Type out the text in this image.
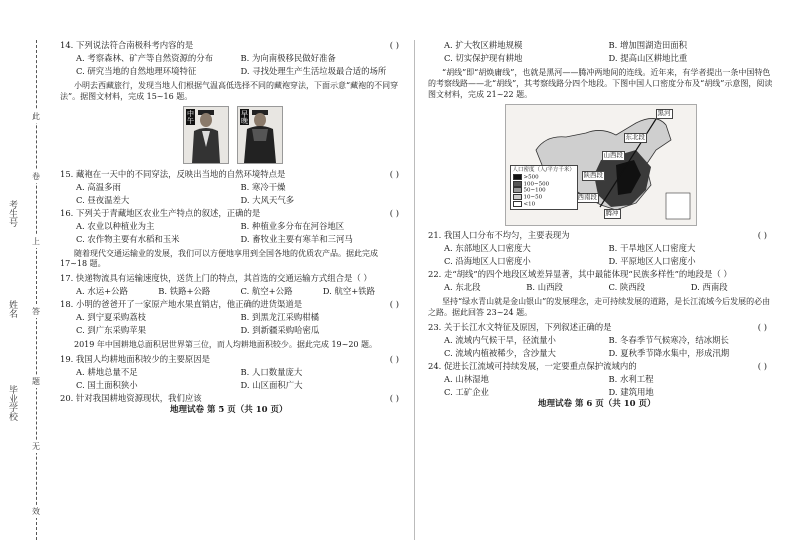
考生号
姓名
毕业学校
此
卷
上
答
题
无
效
14. 下列说法符合南极科考内容的是	( )
A. 考察森林、矿产等自然资源的分布	B. 为向南极移民做好准备
C. 研究当地的自然地理环境特征	D. 寻找处理生产生活垃圾最合适的场所
小明去西藏旅行，发现当地人们根据气温高低选择不同的藏袍穿法，下面示意“藏袍的不同穿法”。据图文材料，完成 15~16 题。
中午	早晚
15. 藏袍在一天中的不同穿法，反映出当地的自然环境特点是	( )
A. 高温多雨	B. 寒冷干燥
C. 昼夜温差大	D. 大风天气多
16. 下列关于青藏地区农业生产特点的叙述，正确的是	( )
A. 农业以种植业为主	B. 种植业多分布在河谷地区
C. 农作物主要有水稻和玉米	D. 畜牧业主要有寒羊和三河马
随着现代交通运输业的发展，我们可以方便地享用到全国各地的优质农产品。据此完成 17~18 题。
17. 快递物流具有运输速度快，送货上门的特点，其首选的交通运输方式组合是（ ）
A. 水运+公路	B. 铁路+公路	C. 航空+公路	D. 航空+铁路
18. 小明的爸爸开了一家原产地水果直销店，他正确的进货渠道是	( )
A. 到宁夏采购荔枝	B. 到黑龙江采购柑橘
C. 到广东采购苹果	D. 到新疆采购哈密瓜
2019 年中国耕地总面积居世界第三位，而人均耕地面积较少。据此完成 19~20 题。
19. 我国人均耕地面积较少的主要原因是	( )
A. 耕地总量不足	B. 人口数量庞大
C. 国土面积狭小	D. 山区面积广大
20. 针对我国耕地资源现状，我们应该	( )
地理试卷 第 5 页（共 10 页）
A. 扩大牧区耕地规模	B. 增加围湖造田面积
C. 切实保护现有耕地	D. 提高山区耕地比重
“胡线”即“胡焕庸线”，也就是黑河——腾冲两地间的连线。近年来，有学者提出一条中国特色的考察线路——北“胡线”，其考察线路分四个地段。下图中国人口密度分布及“胡线”示意图，阅读图文材料，完成 21~22 题。
东北段
山西段
陕西段
西南段
黑河
腾冲
人口密度（人/平方千米）
>500
100~500
50~100
10~50
<10
21. 我国人口分布不均匀，主要表现为	( )
A. 东部地区人口密度大	B. 干旱地区人口密度大
C. 沿海地区人口密度小	D. 平原地区人口密度小
22. 走“胡线”的四个地段区域差异显著，其中最能体现“民族多样性”的地段是（ ）
A. 东北段	B. 山西段	C. 陕西段	D. 西南段
坚持“绿水青山就是金山银山”的发展理念，走可持续发展的道路，是长江流域今后发展的必由之路。据此回答 23~24 题。
23. 关于长江水文特征及原因，下列叙述正确的是	( )
A. 流域内气候干旱，径流量小	B. 冬春季节气候寒冷，结冰期长
C. 流域内植被稀少，含沙量大	D. 夏秋季节降水集中，形成汛期
24. 促进长江流域可持续发展，一定要重点保护流域内的	( )
A. 山林湿地	B. 水利工程
C. 工矿企业	D. 建筑用地
地理试卷 第 6 页（共 10 页）
